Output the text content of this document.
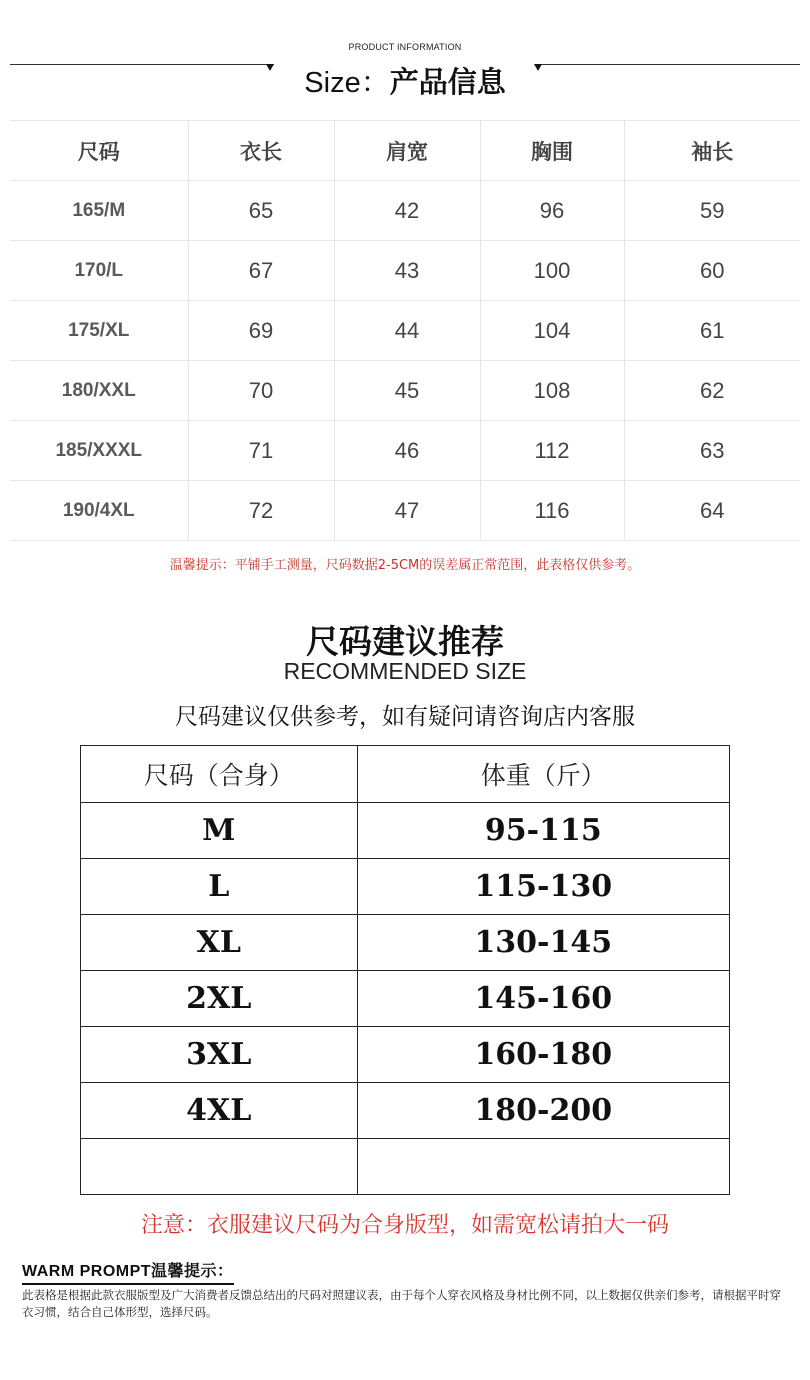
PRODUCT INFORMATION
Size：产品信息
尺码	衣长	肩宽	胸围	袖长
165/M	65	42	96	59
170/L	67	43	100	60
175/XL	69	44	104	61
180/XXL	70	45	108	62
185/XXXL	71	46	112	63
190/4XL	72	47	116	64
温馨提示：平铺手工测量，尺码数据2-5CM的误差属正常范围，此表格仅供参考。
尺码建议推荐
RECOMMENDED SIZE
尺码建议仅供参考，如有疑问请咨询店内客服
尺码（合身）	体重（斤）
M	95-115
L	115-130
XL	130-145
2XL	145-160
3XL	160-180
4XL	180-200

注意：衣服建议尺码为合身版型，如需宽松请拍大一码
WARM PROMPT温馨提示：
此表格是根据此款衣服版型及广大消费者反馈总结出的尺码对照建议表，由于每个人穿衣风格及身材比例不同，以上数据仅供亲们参考，请根据平时穿衣习惯，结合自己体形型，选择尺码。
